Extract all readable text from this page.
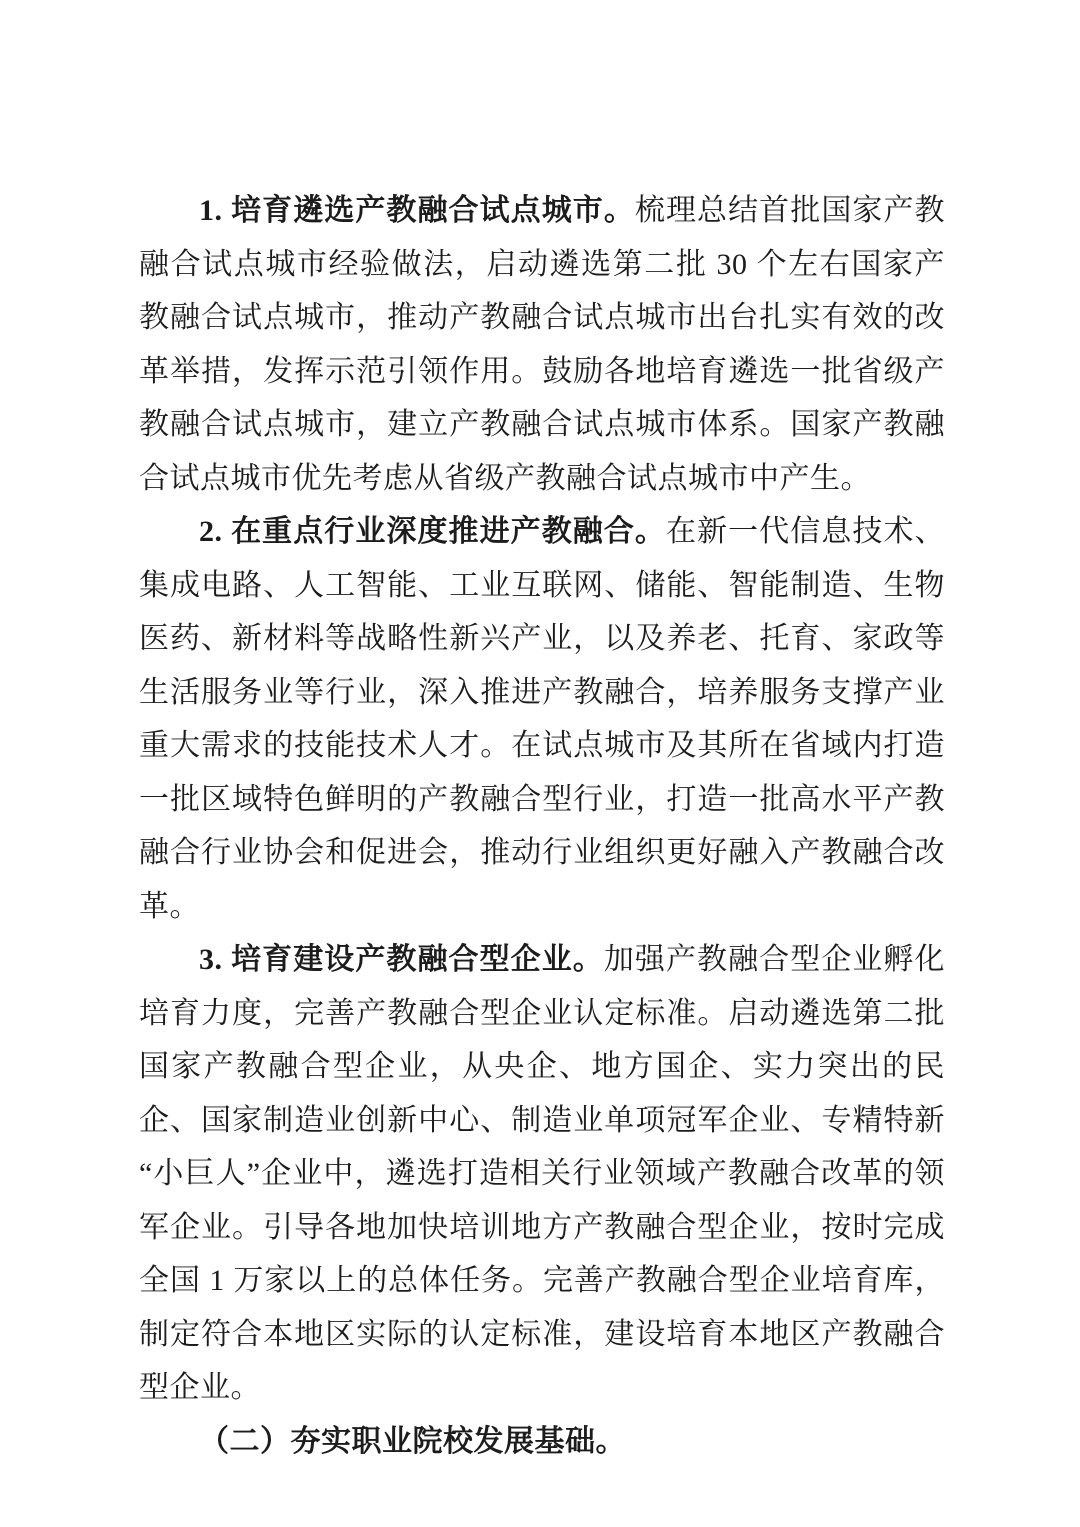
1. 培育遴选产教融合试点城市。梳理总结首批国家产教融合试点城市经验做法，启动遴选第二批 30 个左右国家产教融合试点城市，推动产教融合试点城市出台扎实有效的改革举措，发挥示范引领作用。鼓励各地培育遴选一批省级产教融合试点城市，建立产教融合试点城市体系。国家产教融合试点城市优先考虑从省级产教融合试点城市中产生。

2. 在重点行业深度推进产教融合。在新一代信息技术、集成电路、人工智能、工业互联网、储能、智能制造、生物医药、新材料等战略性新兴产业，以及养老、托育、家政等生活服务业等行业，深入推进产教融合，培养服务支撑产业重大需求的技能技术人才。在试点城市及其所在省域内打造一批区域特色鲜明的产教融合型行业，打造一批高水平产教融合行业协会和促进会，推动行业组织更好融入产教融合改革。

3. 培育建设产教融合型企业。加强产教融合型企业孵化培育力度，完善产教融合型企业认定标准。启动遴选第二批国家产教融合型企业，从央企、地方国企、实力突出的民企、国家制造业创新中心、制造业单项冠军企业、专精特新“小巨人”企业中，遴选打造相关行业领域产教融合改革的领军企业。引导各地加快培训地方产教融合型企业，按时完成全国 1 万家以上的总体任务。完善产教融合型企业培育库，制定符合本地区实际的认定标准，建设培育本地区产教融合型企业。

（二）夯实职业院校发展基础。
